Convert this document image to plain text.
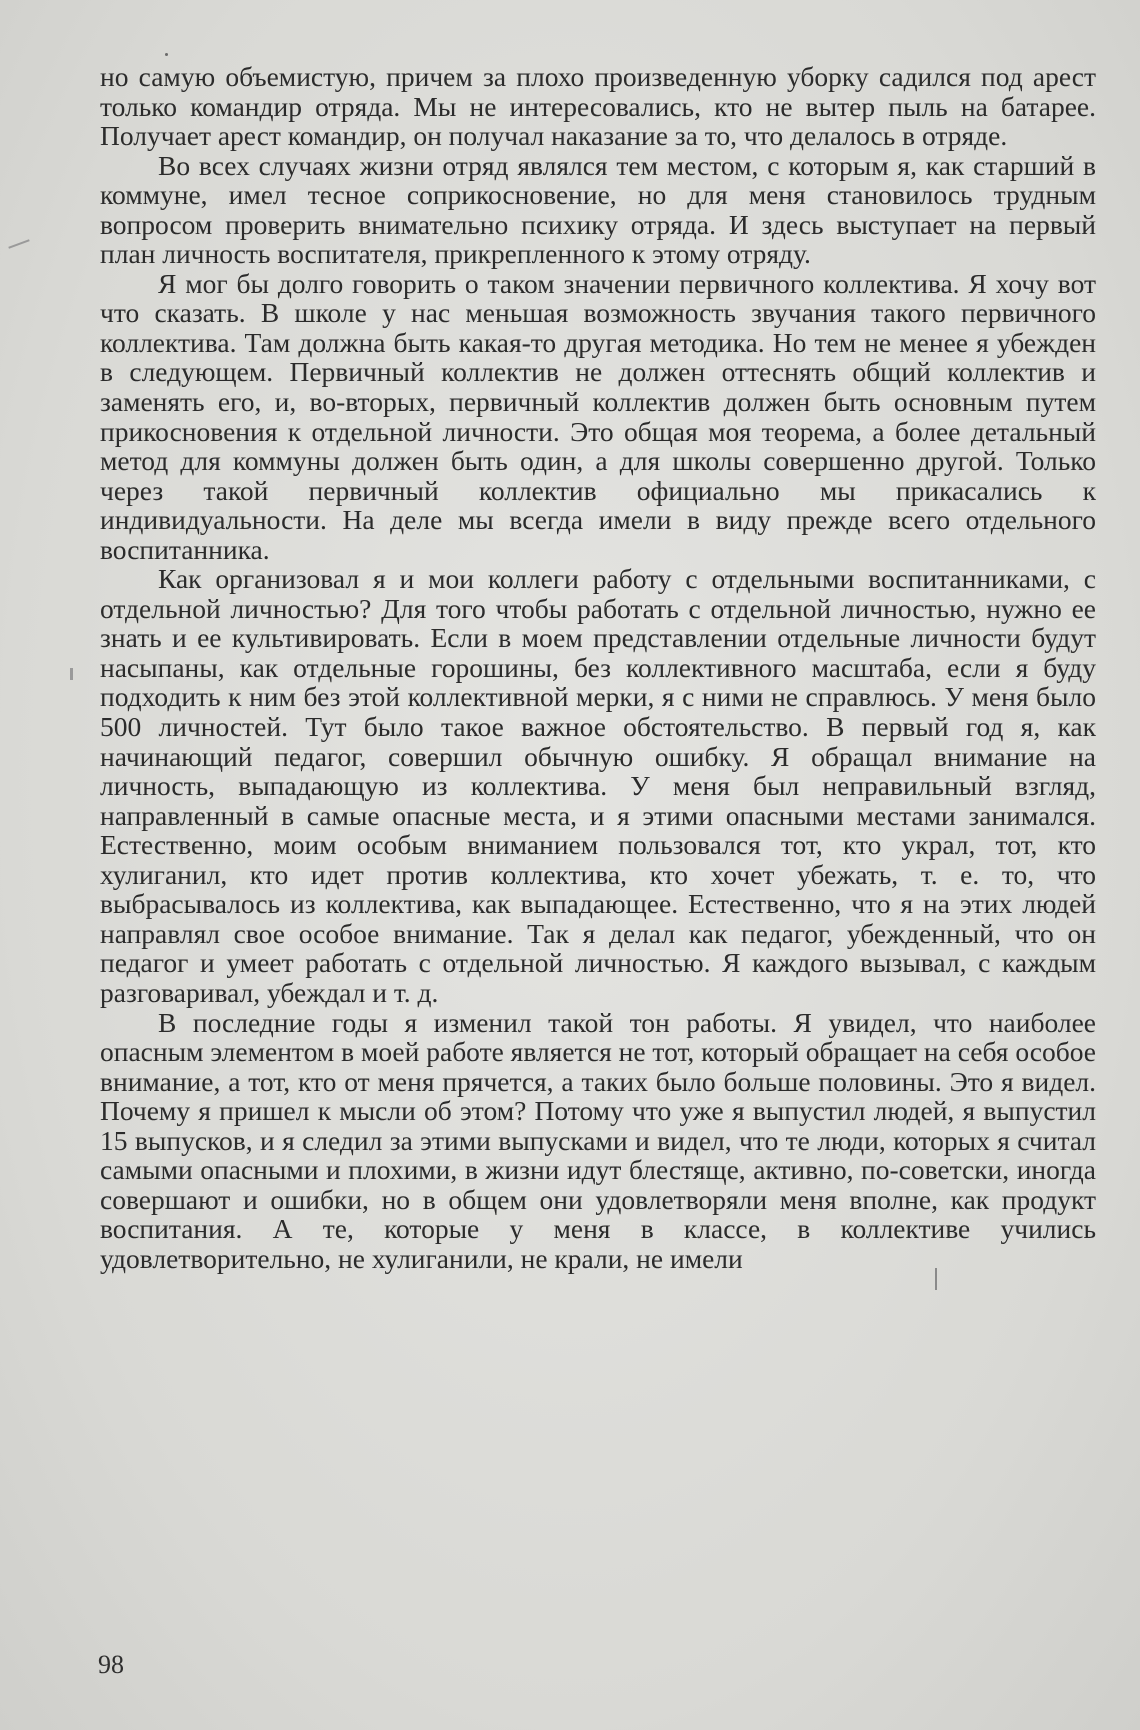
но самую объемистую, причем за плохо произведенную уборку садился под арест только командир отряда. Мы не интересовались, кто не вытер пыль на батарее. Получает арест командир, он получал наказание за то, что делалось в отряде.

Во всех случаях жизни отряд являлся тем местом, с которым я, как старший в коммуне, имел тесное соприкосновение, но для меня становилось трудным вопросом проверить внимательно психику отряда. И здесь выступает на первый план личность воспитателя, прикрепленного к этому отряду.

Я мог бы долго говорить о таком значении первичного коллектива. Я хочу вот что сказать. В школе у нас меньшая возможность звучания такого первичного коллектива. Там должна быть какая-то другая методика. Но тем не менее я убежден в следующем. Первичный коллектив не должен оттеснять общий коллектив и заменять его, и, во-вторых, первичный коллектив должен быть основным путем прикосновения к отдельной личности. Это общая моя теорема, а более детальный метод для коммуны должен быть один, а для школы совершенно другой. Только через такой первичный коллектив официально мы прикасались к индивидуальности. На деле мы всегда имели в виду прежде всего отдельного воспитанника.

Как организовал я и мои коллеги работу с отдельными воспитанниками, с отдельной личностью? Для того чтобы работать с отдельной личностью, нужно ее знать и ее культивировать. Если в моем представлении отдельные личности будут насыпаны, как отдельные горошины, без коллективного масштаба, если я буду подходить к ним без этой коллективной мерки, я с ними не справлюсь. У меня было 500 личностей. Тут было такое важное обстоятельство. В первый год я, как начинающий педагог, совершил обычную ошибку. Я обращал внимание на личность, выпадающую из коллектива. У меня был неправильный взгляд, направленный в самые опасные места, и я этими опасными местами занимался. Естественно, моим особым вниманием пользовался тот, кто украл, тот, кто хулиганил, кто идет против коллектива, кто хочет убежать, т. е. то, что выбрасывалось из коллектива, как выпадающее. Естественно, что я на этих людей направлял свое особое внимание. Так я делал как педагог, убежденный, что он педагог и умеет работать с отдельной личностью. Я каждого вызывал, с каждым разговаривал, убеждал и т. д.

В последние годы я изменил такой тон работы. Я увидел, что наиболее опасным элементом в моей работе является не тот, который обращает на себя особое внимание, а тот, кто от меня прячется, а таких было больше половины. Это я видел. Почему я пришел к мысли об этом? Потому что уже я выпустил людей, я выпустил 15 выпусков, и я следил за этими выпусками и видел, что те люди, которых я считал самыми опасными и плохими, в жизни идут блестяще, активно, по-советски, иногда совершают и ошибки, но в общем они удовлетворяли меня вполне, как продукт воспитания. А те, которые у меня в классе, в коллективе учились удовлетворительно, не хулиганили, не крали, не имели

98
